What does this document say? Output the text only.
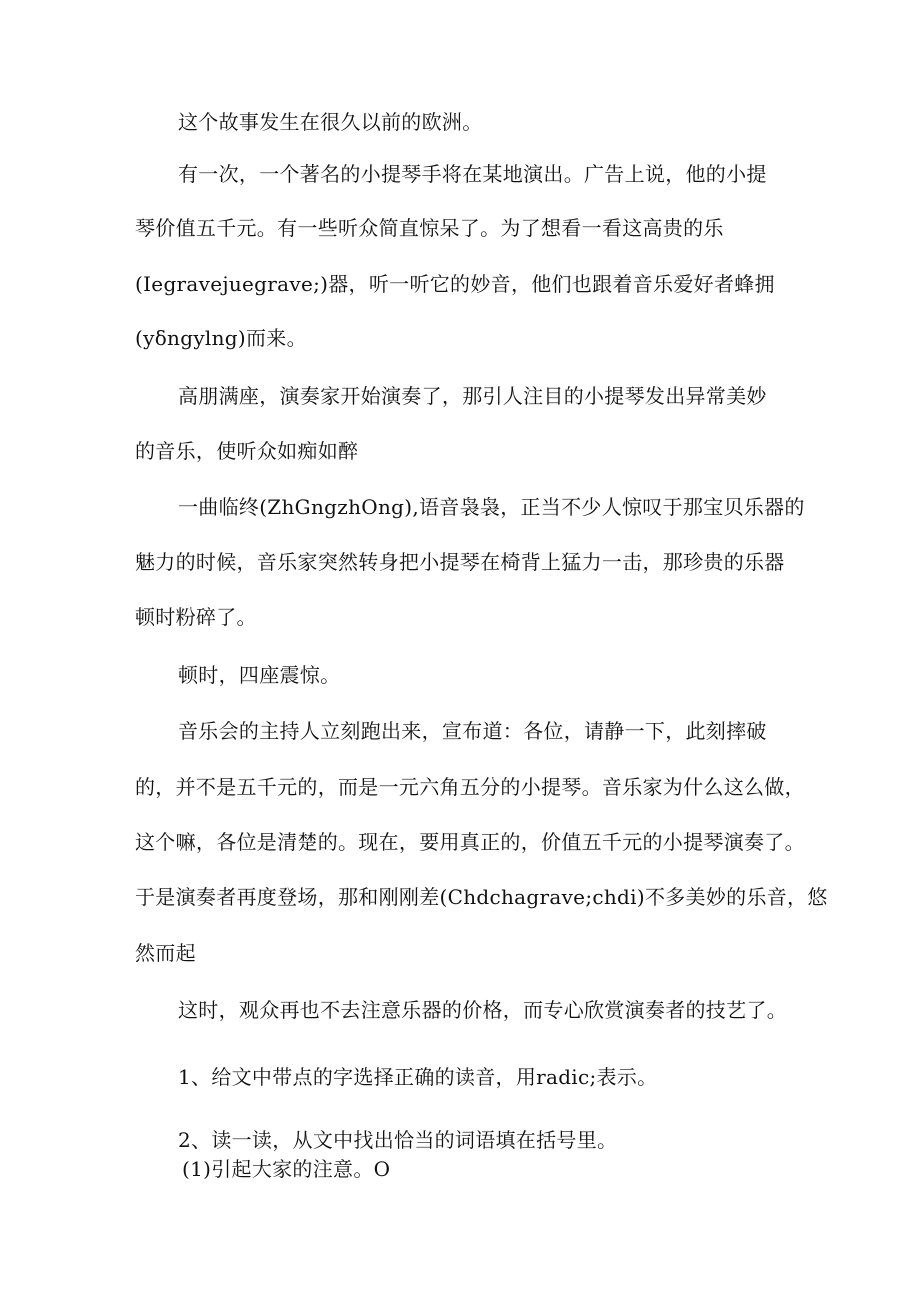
这个故事发生在很久以前的欧洲。
有一次，一个著名的小提琴手将在某地演出。广告上说，他的小提
琴价值五千元。有一些听众简直惊呆了。为了想看一看这高贵的乐
(Iegravejuegrave;)器，听一听它的妙音，他们也跟着音乐爱好者蜂拥
(yδngylng)而来。
高朋满座，演奏家开始演奏了，那引人注目的小提琴发出异常美妙
的音乐，使听众如痴如醉
一曲临终(ZhGngzhOng),语音袅袅，正当不少人惊叹于那宝贝乐器的
魅力的时候，音乐家突然转身把小提琴在椅背上猛力一击，那珍贵的乐器
顿时粉碎了。
顿时，四座震惊。
音乐会的主持人立刻跑出来，宣布道：各位，请静一下，此刻摔破
的，并不是五千元的，而是一元六角五分的小提琴。音乐家为什么这么做，
这个嘛，各位是清楚的。现在，要用真正的，价值五千元的小提琴演奏了。
于是演奏者再度登场，那和刚刚差(Chdchagrave;chdi)不多美妙的乐音，悠
然而起
这时，观众再也不去注意乐器的价格，而专心欣赏演奏者的技艺了。
1、给文中带点的字选择正确的读音，用radic;表示。
2、读一读，从文中找出恰当的词语填在括号里。
(1)引起大家的注意。O
